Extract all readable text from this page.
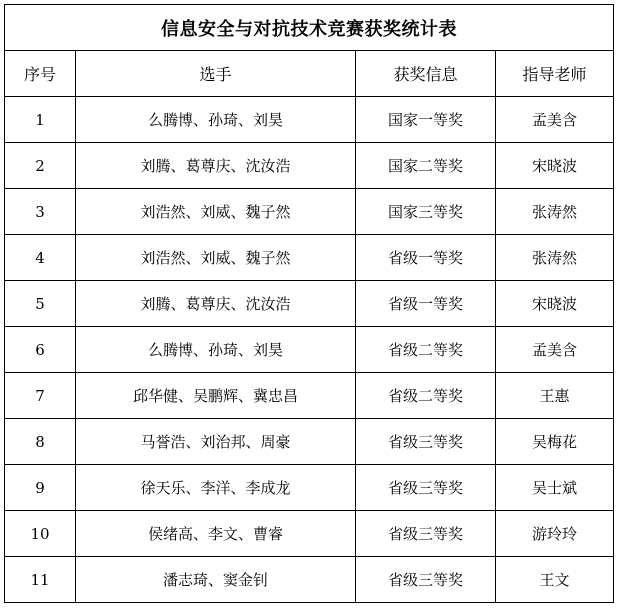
信息安全与对抗技术竞赛获奖统计表			
序号	选手	获奖信息	指导老师
1	么腾博、孙琦、刘昊	国家一等奖	孟美含
2	刘腾、葛尊庆、沈汝浩	国家二等奖	宋晓波
3	刘浩然、刘威、魏子然	国家三等奖	张涛然
4	刘浩然、刘威、魏子然	省级一等奖	张涛然
5	刘腾、葛尊庆、沈汝浩	省级一等奖	宋晓波
6	么腾博、孙琦、刘昊	省级二等奖	孟美含
7	邱华健、吴鹏辉、冀忠昌	省级二等奖	王惠
8	马誉浩、刘治邦、周豪	省级三等奖	吴梅花
9	徐天乐、李洋、李成龙	省级三等奖	吴士斌
10	侯绪高、李文、曹睿	省级三等奖	游玲玲
11	潘志琦、窦金钊	省级三等奖	王文
